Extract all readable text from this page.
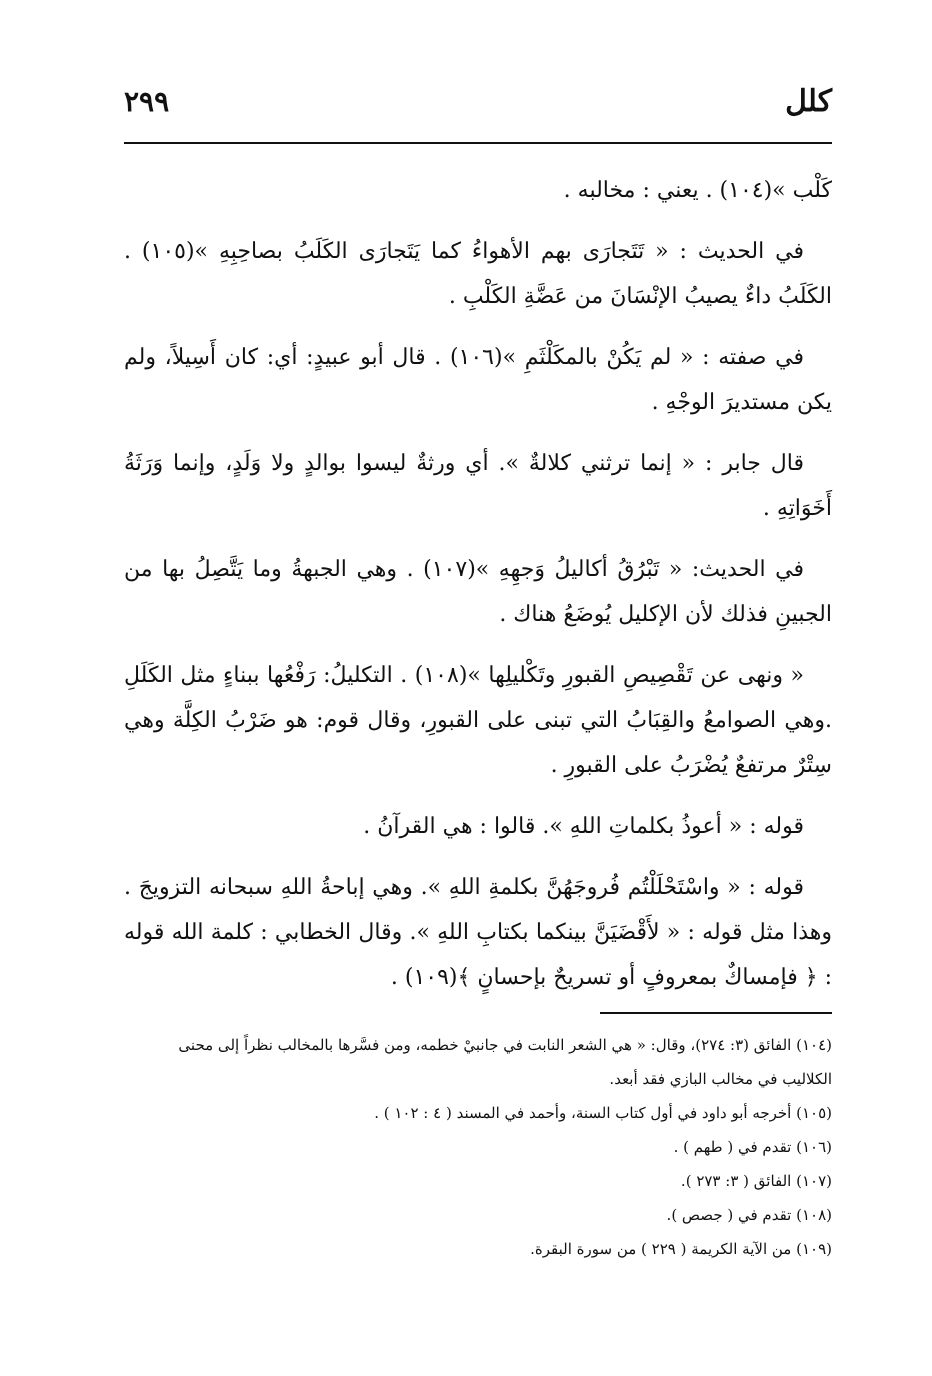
كلل
٢٩٩

كَلْب »(١٠٤) . يعني : مخالبه .

في الحديث : « تَتَجارَى بهم الأهواءُ كما يَتَجارَى الكَلَبُ بصاحِبِهِ »(١٠٥) . الكَلَبُ داءٌ يصيبُ الإنْسَانَ من عَضَّةِ الكَلْبِ .

في صفته : « لم يَكُنْ بالمكَلْثَمِ »(١٠٦) . قال أبو عبيدٍ: أي: كان أَسِيلاً، ولم يكن مستديرَ الوجْهِ .

قال جابر : « إنما ترثني كلالةٌ ». أي ورثةٌ ليسوا بوالدٍ ولا وَلَدٍ، وإنما وَرَثَةُ أَخَوَاتِهِ .

في الحديث: « تَبْرُقُ أكاليلُ وَجهِهِ »(١٠٧) . وهي الجبهةُ وما يَتَّصِلُ بها من الجبينِ فذلك لأن الإكليل يُوضَعُ هناك .

« ونهى عن تَقْصِيصِ القبورِ وتَكْليلِها »(١٠٨) . التكليلُ: رَفْعُها ببناءٍ مثل الكَلَلِ .وهي الصوامعُ والقِبَابُ التي تبنى على القبورِ، وقال قوم: هو ضَرْبُ الكِلَّة وهي سِتْرٌ مرتفعٌ يُضْرَبُ على القبورِ .

قوله : « أعوذُ بكلماتِ اللهِ ». قالوا : هي القرآنُ .

قوله : « واسْتَحْلَلْتُم فُروجَهُنَّ بكلمةِ اللهِ ». وهي إباحةُ اللهِ سبحانه التزويجَ . وهذا مثل قوله : « لأَقْضَيَنَّ بينكما بكتابِ اللهِ ». وقال الخطابي : كلمة الله قوله : ﴿ فإمساكٌ بمعروفٍ أو تسريحٌ بإحسانٍ ﴾(١٠٩) .

(١٠٤) الفائق (٣: ٢٧٤)، وقال: « هي الشعر النابت في جانبيْ خطمه، ومن فسَّرها بالمخالب نظراً إلى محنى الكلاليب في مخالب البازي فقد أبعد.

(١٠٥) أخرجه أبو داود في أول كتاب السنة، وأحمد في المسند ( ٤ : ١٠٢ ) .

(١٠٦) تقدم في ( طهم ) .

(١٠٧) الفائق ( ٣: ٢٧٣ ).

(١٠٨) تقدم في ( جصص ).

(١٠٩) من الآية الكريمة ( ٢٢٩ ) من سورة البقرة.
